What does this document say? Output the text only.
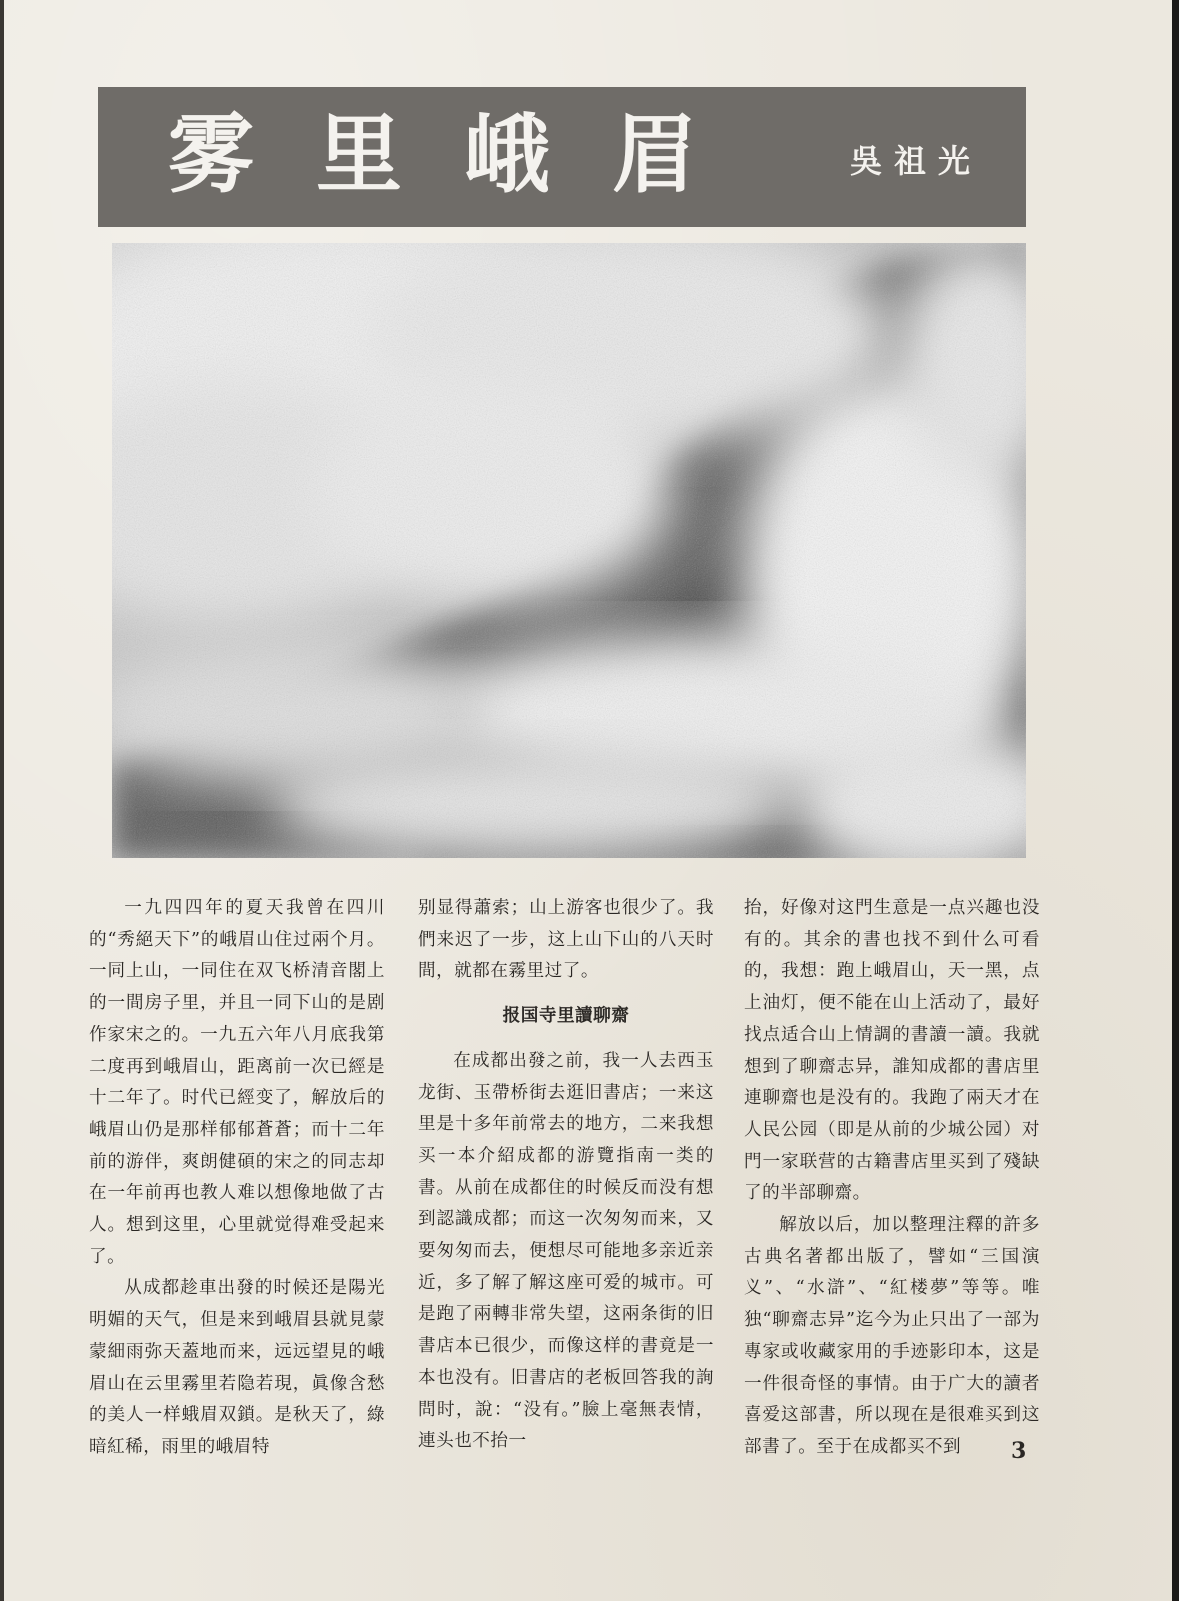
雾里峨眉	吳祖光

一九四四年的夏天我曾在四川的“秀絕天下”的峨眉山住过兩个月。一同上山，一同住在双飞桥清音閣上的一間房子里，并且一同下山的是剧作家宋之的。一九五六年八月底我第二度再到峨眉山，距离前一次已經是十二年了。时代已經变了，解放后的峨眉山仍是那样郁郁蒼蒼；而十二年前的游伴，爽朗健碩的宋之的同志却在一年前再也教人难以想像地做了古人。想到这里，心里就觉得难受起来了。

从成都趁車出發的时候还是陽光明媚的天气，但是来到峨眉县就見蒙蒙細雨弥天蓋地而来，远远望見的峨眉山在云里霧里若隐若現，眞像含愁的美人一样蛾眉双鎖。是秋天了，綠暗紅稀，雨里的峨眉特

别显得蕭索；山上游客也很少了。我們来迟了一步，这上山下山的八天时間，就都在霧里过了。

报国寺里讀聊齋

在成都出發之前，我一人去西玉龙街、玉帶桥街去逛旧書店；一来这里是十多年前常去的地方，二来我想买一本介紹成都的游覽指南一类的書。从前在成都住的时候反而没有想到認識成都；而这一次匆匆而来，又要匆匆而去，便想尽可能地多亲近亲近，多了解了解这座可爱的城市。可是跑了兩轉非常失望，这兩条街的旧書店本已很少，而像这样的書竟是一本也没有。旧書店的老板回答我的詢問时，說：“没有。”臉上毫無表情，連头也不抬一

抬，好像对这門生意是一点兴趣也没有的。其余的書也找不到什么可看的，我想：跑上峨眉山，天一黑，点上油灯，便不能在山上活动了，最好找点适合山上情調的書讀一讀。我就想到了聊齋志异，誰知成都的書店里連聊齋也是没有的。我跑了兩天才在人民公园（即是从前的少城公园）对門一家联营的古籍書店里买到了殘缺了的半部聊齋。

解放以后，加以整理注釋的許多古典名著都出版了，譬如“三国演义”、“水滸”、“紅楼夢”等等。唯独“聊齋志异”迄今为止只出了一部为專家或收藏家用的手迹影印本，这是一件很奇怪的事情。由于广大的讀者喜爱这部書，所以现在是很难买到这部書了。至于在成都买不到	3
